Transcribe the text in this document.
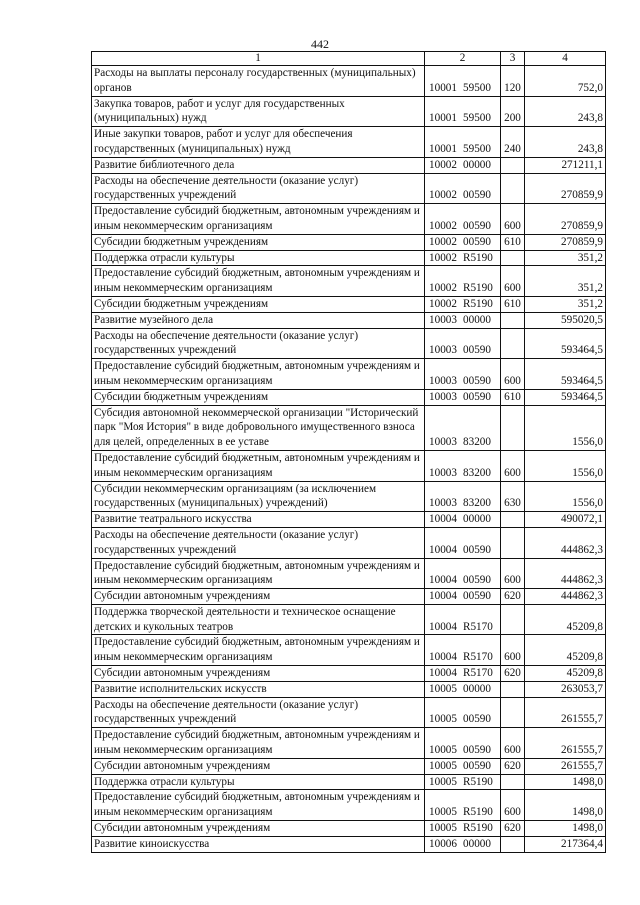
442
1	2	3	4
Расходы на выплаты персоналу государственных (муниципальных) органов	10001 59500	120	752,0
Закупка товаров, работ и услуг для государственных (муниципальных) нужд	10001 59500	200	243,8
Иные закупки товаров, работ и услуг для обеспечения государственных (муниципальных) нужд	10001 59500	240	243,8
Развитие библиотечного дела	10002 00000		271211,1
Расходы на обеспечение деятельности (оказание услуг) государственных учреждений	10002 00590		270859,9
Предоставление субсидий бюджетным, автономным учреждениям и иным некоммерческим организациям	10002 00590	600	270859,9
Субсидии бюджетным учреждениям	10002 00590	610	270859,9
Поддержка отрасли культуры	10002 R5190		351,2
Предоставление субсидий бюджетным, автономным учреждениям и иным некоммерческим организациям	10002 R5190	600	351,2
Субсидии бюджетным учреждениям	10002 R5190	610	351,2
Развитие музейного дела	10003 00000		595020,5
Расходы на обеспечение деятельности (оказание услуг) государственных учреждений	10003 00590		593464,5
Предоставление субсидий бюджетным, автономным учреждениям и иным некоммерческим организациям	10003 00590	600	593464,5
Субсидии бюджетным учреждениям	10003 00590	610	593464,5
Субсидия автономной некоммерческой организации "Исторический парк "Моя История" в виде добровольного имущественного взноса для целей, определенных в ее уставе	10003 83200		1556,0
Предоставление субсидий бюджетным, автономным учреждениям и иным некоммерческим организациям	10003 83200	600	1556,0
Субсидии некоммерческим организациям (за исключением государственных (муниципальных) учреждений)	10003 83200	630	1556,0
Развитие театрального искусства	10004 00000		490072,1
Расходы на обеспечение деятельности (оказание услуг) государственных учреждений	10004 00590		444862,3
Предоставление субсидий бюджетным, автономным учреждениям и иным некоммерческим организациям	10004 00590	600	444862,3
Субсидии автономным учреждениям	10004 00590	620	444862,3
Поддержка творческой деятельности и техническое оснащение детских и кукольных театров	10004 R5170		45209,8
Предоставление субсидий бюджетным, автономным учреждениям и иным некоммерческим организациям	10004 R5170	600	45209,8
Субсидии автономным учреждениям	10004 R5170	620	45209,8
Развитие исполнительских искусств	10005 00000		263053,7
Расходы на обеспечение деятельности (оказание услуг) государственных учреждений	10005 00590		261555,7
Предоставление субсидий бюджетным, автономным учреждениям и иным некоммерческим организациям	10005 00590	600	261555,7
Субсидии автономным учреждениям	10005 00590	620	261555,7
Поддержка отрасли культуры	10005 R5190		1498,0
Предоставление субсидий бюджетным, автономным учреждениям и иным некоммерческим организациям	10005 R5190	600	1498,0
Субсидии автономным учреждениям	10005 R5190	620	1498,0
Развитие киноискусства	10006 00000		217364,4
